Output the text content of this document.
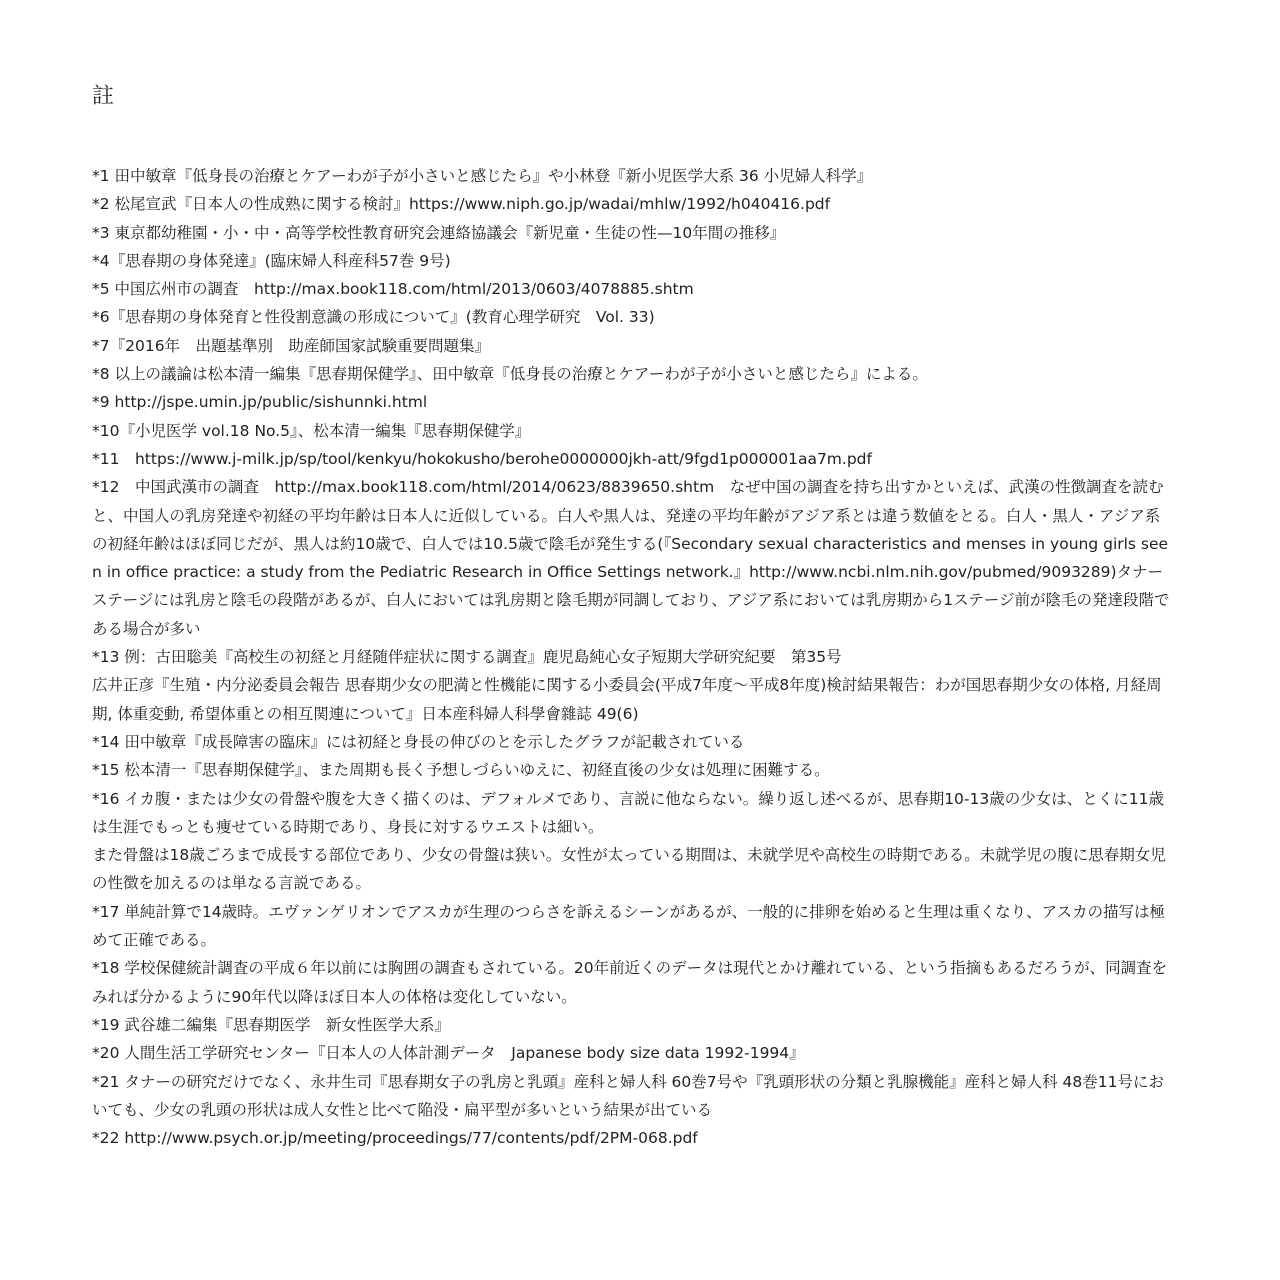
註
*1 田中敏章『低身長の治療とケアーわが子が小さいと感じたら』や小林登『新小児医学大系 36 小児婦人科学』
*2 松尾宣武『日本人の性成熟に関する検討』https://www.niph.go.jp/wadai/mhlw/1992/h040416.pdf
*3 東京都幼稚園・小・中・高等学校性教育研究会連絡協議会『新児童・生徒の性—10年間の推移』
*4『思春期の身体発達』(臨床婦人科産科57巻 9号)
*5 中国広州市の調査　http://max.book118.com/html/2013/0603/4078885.shtm
*6『思春期の身体発育と性役割意識の形成について』(教育心理学研究　Vol. 33)
*7『2016年　出題基準別　助産師国家試験重要問題集』
*8 以上の議論は松本清一編集『思春期保健学』、田中敏章『低身長の治療とケアーわが子が小さいと感じたら』による。
*9 http://jspe.umin.jp/public/sishunnki.html
*10『小児医学 vol.18 No.5』、松本清一編集『思春期保健学』
*11　https://www.j-milk.jp/sp/tool/kenkyu/hokokusho/berohe0000000jkh-att/9fgd1p000001aa7m.pdf
*12　中国武漢市の調査　http://max.book118.com/html/2014/0623/8839650.shtm　なぜ中国の調査を持ち出すかといえば、武漢の性徴調査を読むと、中国人の乳房発達や初経の平均年齢は日本人に近似している。白人や黒人は、発達の平均年齢がアジア系とは違う数値をとる。白人・黒人・アジア系の初経年齢はほぼ同じだが、黒人は約10歳で、白人では10.5歳で陰毛が発生する(『Secondary sexual characteristics and menses in young girls seen in office practice: a study from the Pediatric Research in Office Settings network.』http://www.ncbi.nlm.nih.gov/pubmed/9093289)タナーステージには乳房と陰毛の段階があるが、白人においては乳房期と陰毛期が同調しており、アジア系においては乳房期から1ステージ前が陰毛の発達段階である場合が多い
*13 例：古田聡美『高校生の初経と月経随伴症状に関する調査』鹿児島純心女子短期大学研究紀要　第35号
広井正彦『生殖・内分泌委員会報告 思春期少女の肥満と性機能に関する小委員会(平成7年度～平成8年度)検討結果報告：わが国思春期少女の体格, 月経周期, 体重変動, 希望体重との相互関連について』日本産科婦人科學會雜誌 49(6)
*14 田中敏章『成長障害の臨床』には初経と身長の伸びのとを示したグラフが記載されている
*15 松本清一『思春期保健学』、また周期も長く予想しづらいゆえに、初経直後の少女は処理に困難する。
*16 イカ腹・または少女の骨盤や腹を大きく描くのは、デフォルメであり、言説に他ならない。繰り返し述べるが、思春期10-13歳の少女は、とくに11歳は生涯でもっとも痩せている時期であり、身長に対するウエストは細い。
また骨盤は18歳ごろまで成長する部位であり、少女の骨盤は狭い。女性が太っている期間は、未就学児や高校生の時期である。未就学児の腹に思春期女児の性徴を加えるのは単なる言説である。
*17 単純計算で14歳時。エヴァンゲリオンでアスカが生理のつらさを訴えるシーンがあるが、一般的に排卵を始めると生理は重くなり、アスカの描写は極めて正確である。
*18 学校保健統計調査の平成６年以前には胸囲の調査もされている。20年前近くのデータは現代とかけ離れている、という指摘もあるだろうが、同調査をみれば分かるように90年代以降ほぼ日本人の体格は変化していない。
*19 武谷雄二編集『思春期医学　新女性医学大系』
*20 人間生活工学研究センター『日本人の人体計測データ　Japanese body size data 1992-1994』
*21 タナーの研究だけでなく、永井生司『思春期女子の乳房と乳頭』産科と婦人科 60巻7号や『乳頭形状の分類と乳腺機能』産科と婦人科 48巻11号においても、少女の乳頭の形状は成人女性と比べて陥没・扁平型が多いという結果が出ている
*22 http://www.psych.or.jp/meeting/proceedings/77/contents/pdf/2PM-068.pdf
